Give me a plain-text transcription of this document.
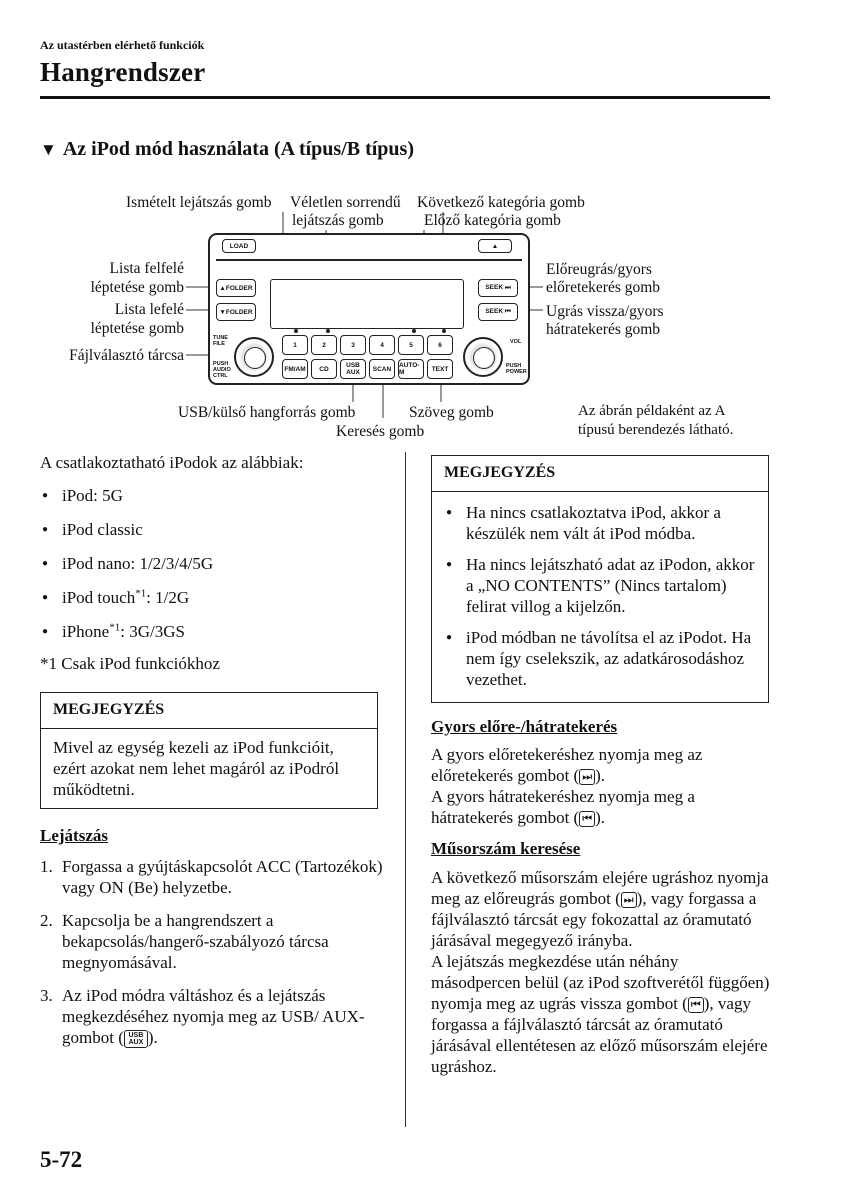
Az utastérben elérhető funkciók
Hangrendszer
▼ Az iPod mód használata (A típus/B típus)
Ismételt lejátszás gomb Véletlen sorrendű
lejátszás gomb
Következő kategória gomb
Előző kategória gomb
Lista felfelé
léptetése gomb
Lista lefelé
léptetése gomb
Fájlválasztó tárcsa
Előreugrás/gyors
előretekerés gomb
Ugrás vissza/gyors
hátratekerés gomb
USB/külső hangforrás gomb	Szöveg gomb
Keresés gomb
LOAD	▲
▲FOLDER
▼FOLDER
SEEK ⏭
SEEK ⏮
1	2	3	4	5	6
FM/AM	CD	USB
AUX	SCAN	AUTO-M	TEXT
TUNE
FILE
PUSH
AUDIO
CTRL
VOL
PUSH
POWER
Az ábrán példaként az A
típusú berendezés látható.
A csatlakoztatható iPodok az alábbiak:
● iPod: 5G
● iPod classic
● iPod nano: 1/2/3/4/5G
● iPod touch$^{*1}$: 1/2G
● iPhone$^{*1}$: 3G/3GS
*1 Csak iPod funkciókhoz
MEGJEGYZÉS
Mivel az egység kezeli az iPod funkcióit, ezért azokat nem lehet magáról az iPodról működtetni.
Lejátszás
1. Forgassa a gyújtáskapcsolót ACC (Tartozékok) vagy ON (Be) helyzetbe.
2. Kapcsolja be a hangrendszert a bekapcsolás/hangerő-szabályozó tárcsa megnyomásával.
3. Az iPod módra váltáshoz és a lejátszás megkezdéséhez nyomja meg az USB/ AUX-gombot ( USB
AUX ).
MEGJEGYZÉS
● Ha nincs csatlakoztatva iPod, akkor a készülék nem vált át iPod módba.
● Ha nincs lejátszható adat az iPodon, akkor a „NO CONTENTS” (Nincs tartalom) felirat villog a kijelzőn.
● iPod módban ne távolítsa el az iPodot. Ha nem így cselekszik, az adatkárosodáshoz vezethet.
Gyors előre-/hátratekerés
A gyors előretekeréshez nyomja meg az előretekerés gombot ( ⏭ ).
A gyors hátratekeréshez nyomja meg a hátratekerés gombot ( ⏮ ).
Műsorszám keresése
A következő műsorszám elejére ugráshoz nyomja meg az előreugrás gombot ( ⏭ ), vagy forgassa a fájlválasztó tárcsát egy fokozattal az óramutató járásával megegyező irányba.
A lejátszás megkezdése után néhány másodpercen belül (az iPod szoftverétől függően) nyomja meg az ugrás vissza gombot ( ⏮ ), vagy forgassa a fájlválasztó tárcsát az óramutató járásával ellentétesen az előző műsorszám elejére ugráshoz.
5-72
